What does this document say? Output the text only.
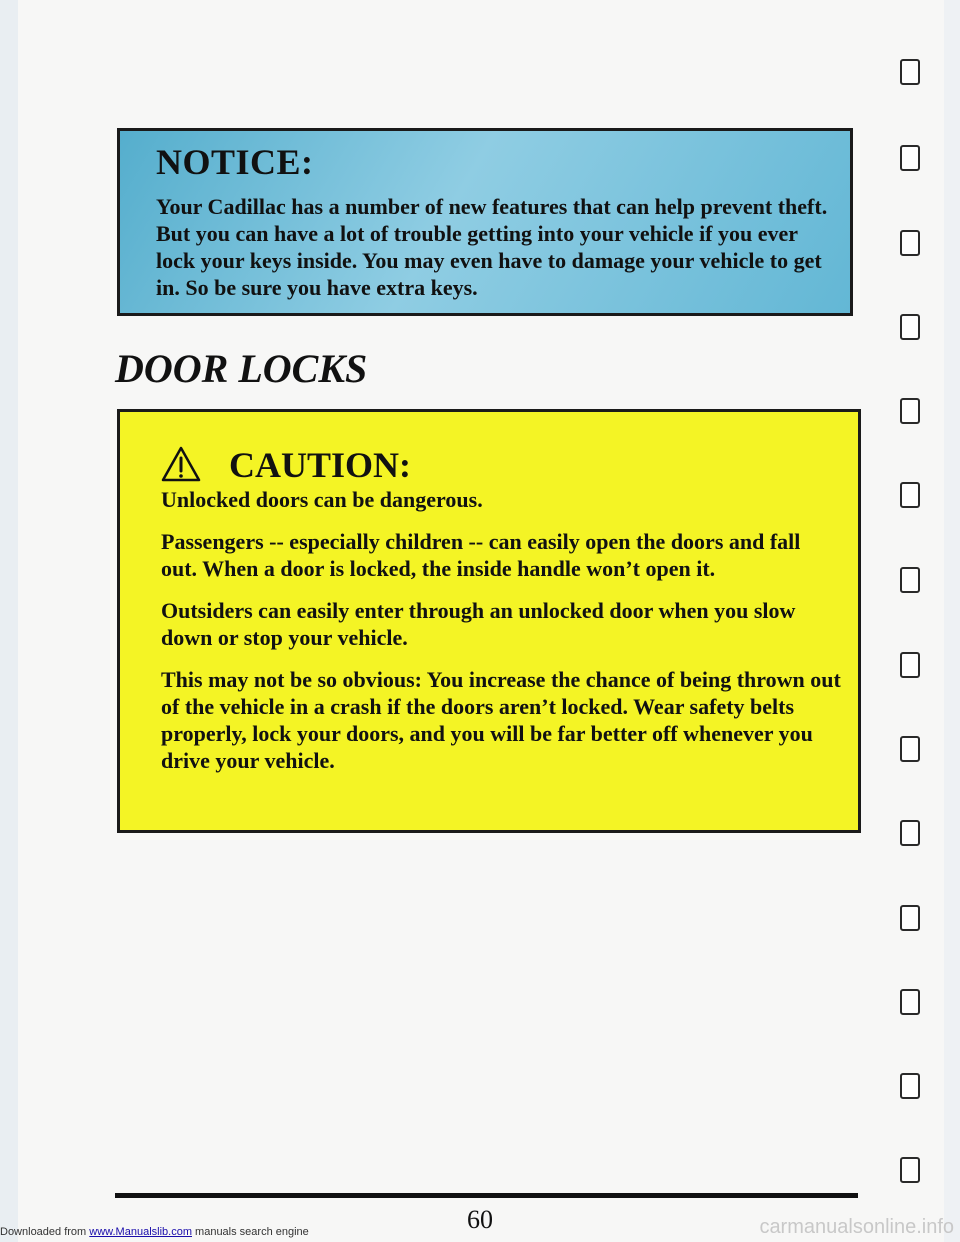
NOTICE:
Your Cadillac has a number of new features that can help prevent theft. But you can have a lot of trouble getting into your vehicle if you ever lock your keys inside. You may even have to damage your vehicle to get in. So be sure you have extra keys.
DOOR LOCKS
CAUTION:

Unlocked doors can be dangerous.

Passengers -- especially children -- can easily open the doors and fall out. When a door is locked, the inside handle won’t open it.

Outsiders can easily enter through an unlocked door when you slow down or stop your vehicle.

This may not be so obvious: You increase the chance of being thrown out of the vehicle in a crash if the doors aren’t locked. Wear safety belts properly, lock your doors, and you will be far better off whenever you drive your vehicle.

60
Downloaded from www.Manualslib.com manuals search engine	carmanualsonline.info
